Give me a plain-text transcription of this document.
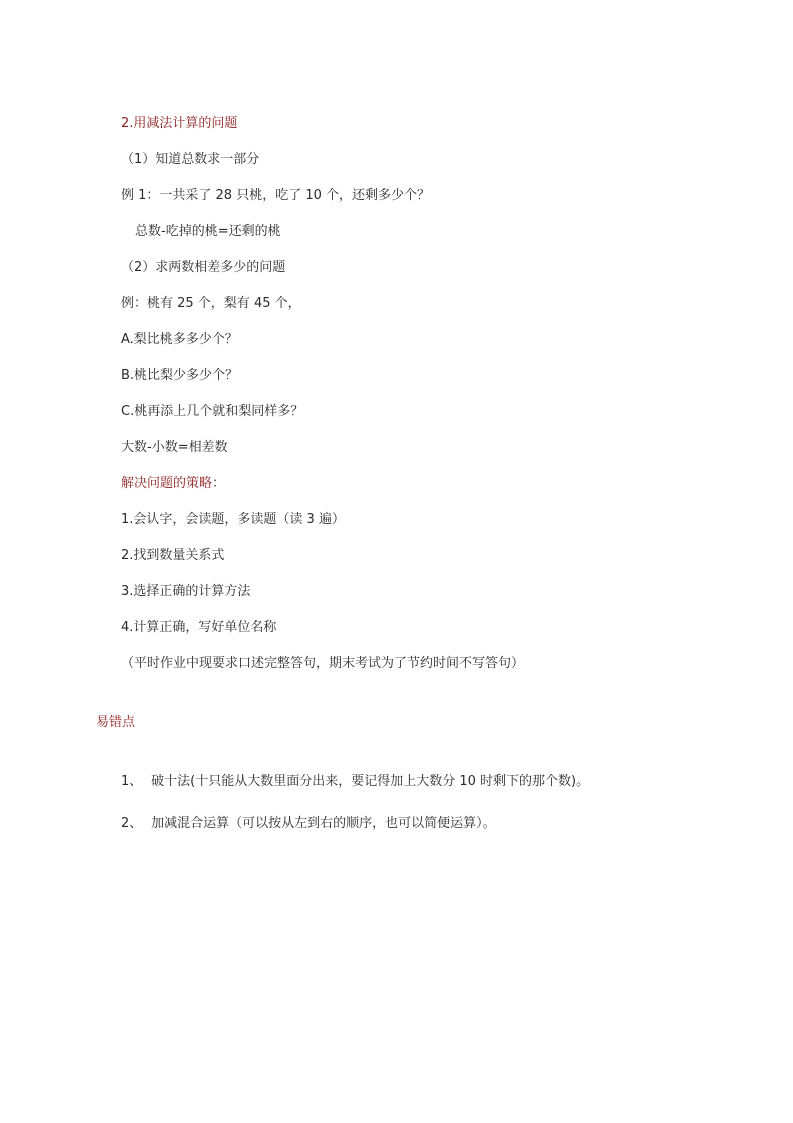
2.用减法计算的问题
（1）知道总数求一部分
例 1：一共采了 28 只桃，吃了 10 个，还剩多少个？
总数-吃掉的桃=还剩的桃
（2）求两数相差多少的问题
例：桃有 25 个，梨有 45 个，
A.梨比桃多多少个？
B.桃比梨少多少个？
C.桃再添上几个就和梨同样多？
大数-小数=相差数
解决问题的策略：
1.会认字，会读题，多读题（读 3 遍）
2.找到数量关系式
3.选择正确的计算方法
4.计算正确，写好单位名称
（平时作业中现要求口述完整答句，期末考试为了节约时间不写答句）
易错点
1、 破十法(十只能从大数里面分出来，要记得加上大数分 10 时剩下的那个数)。
2、 加减混合运算（可以按从左到右的顺序，也可以简便运算）。
